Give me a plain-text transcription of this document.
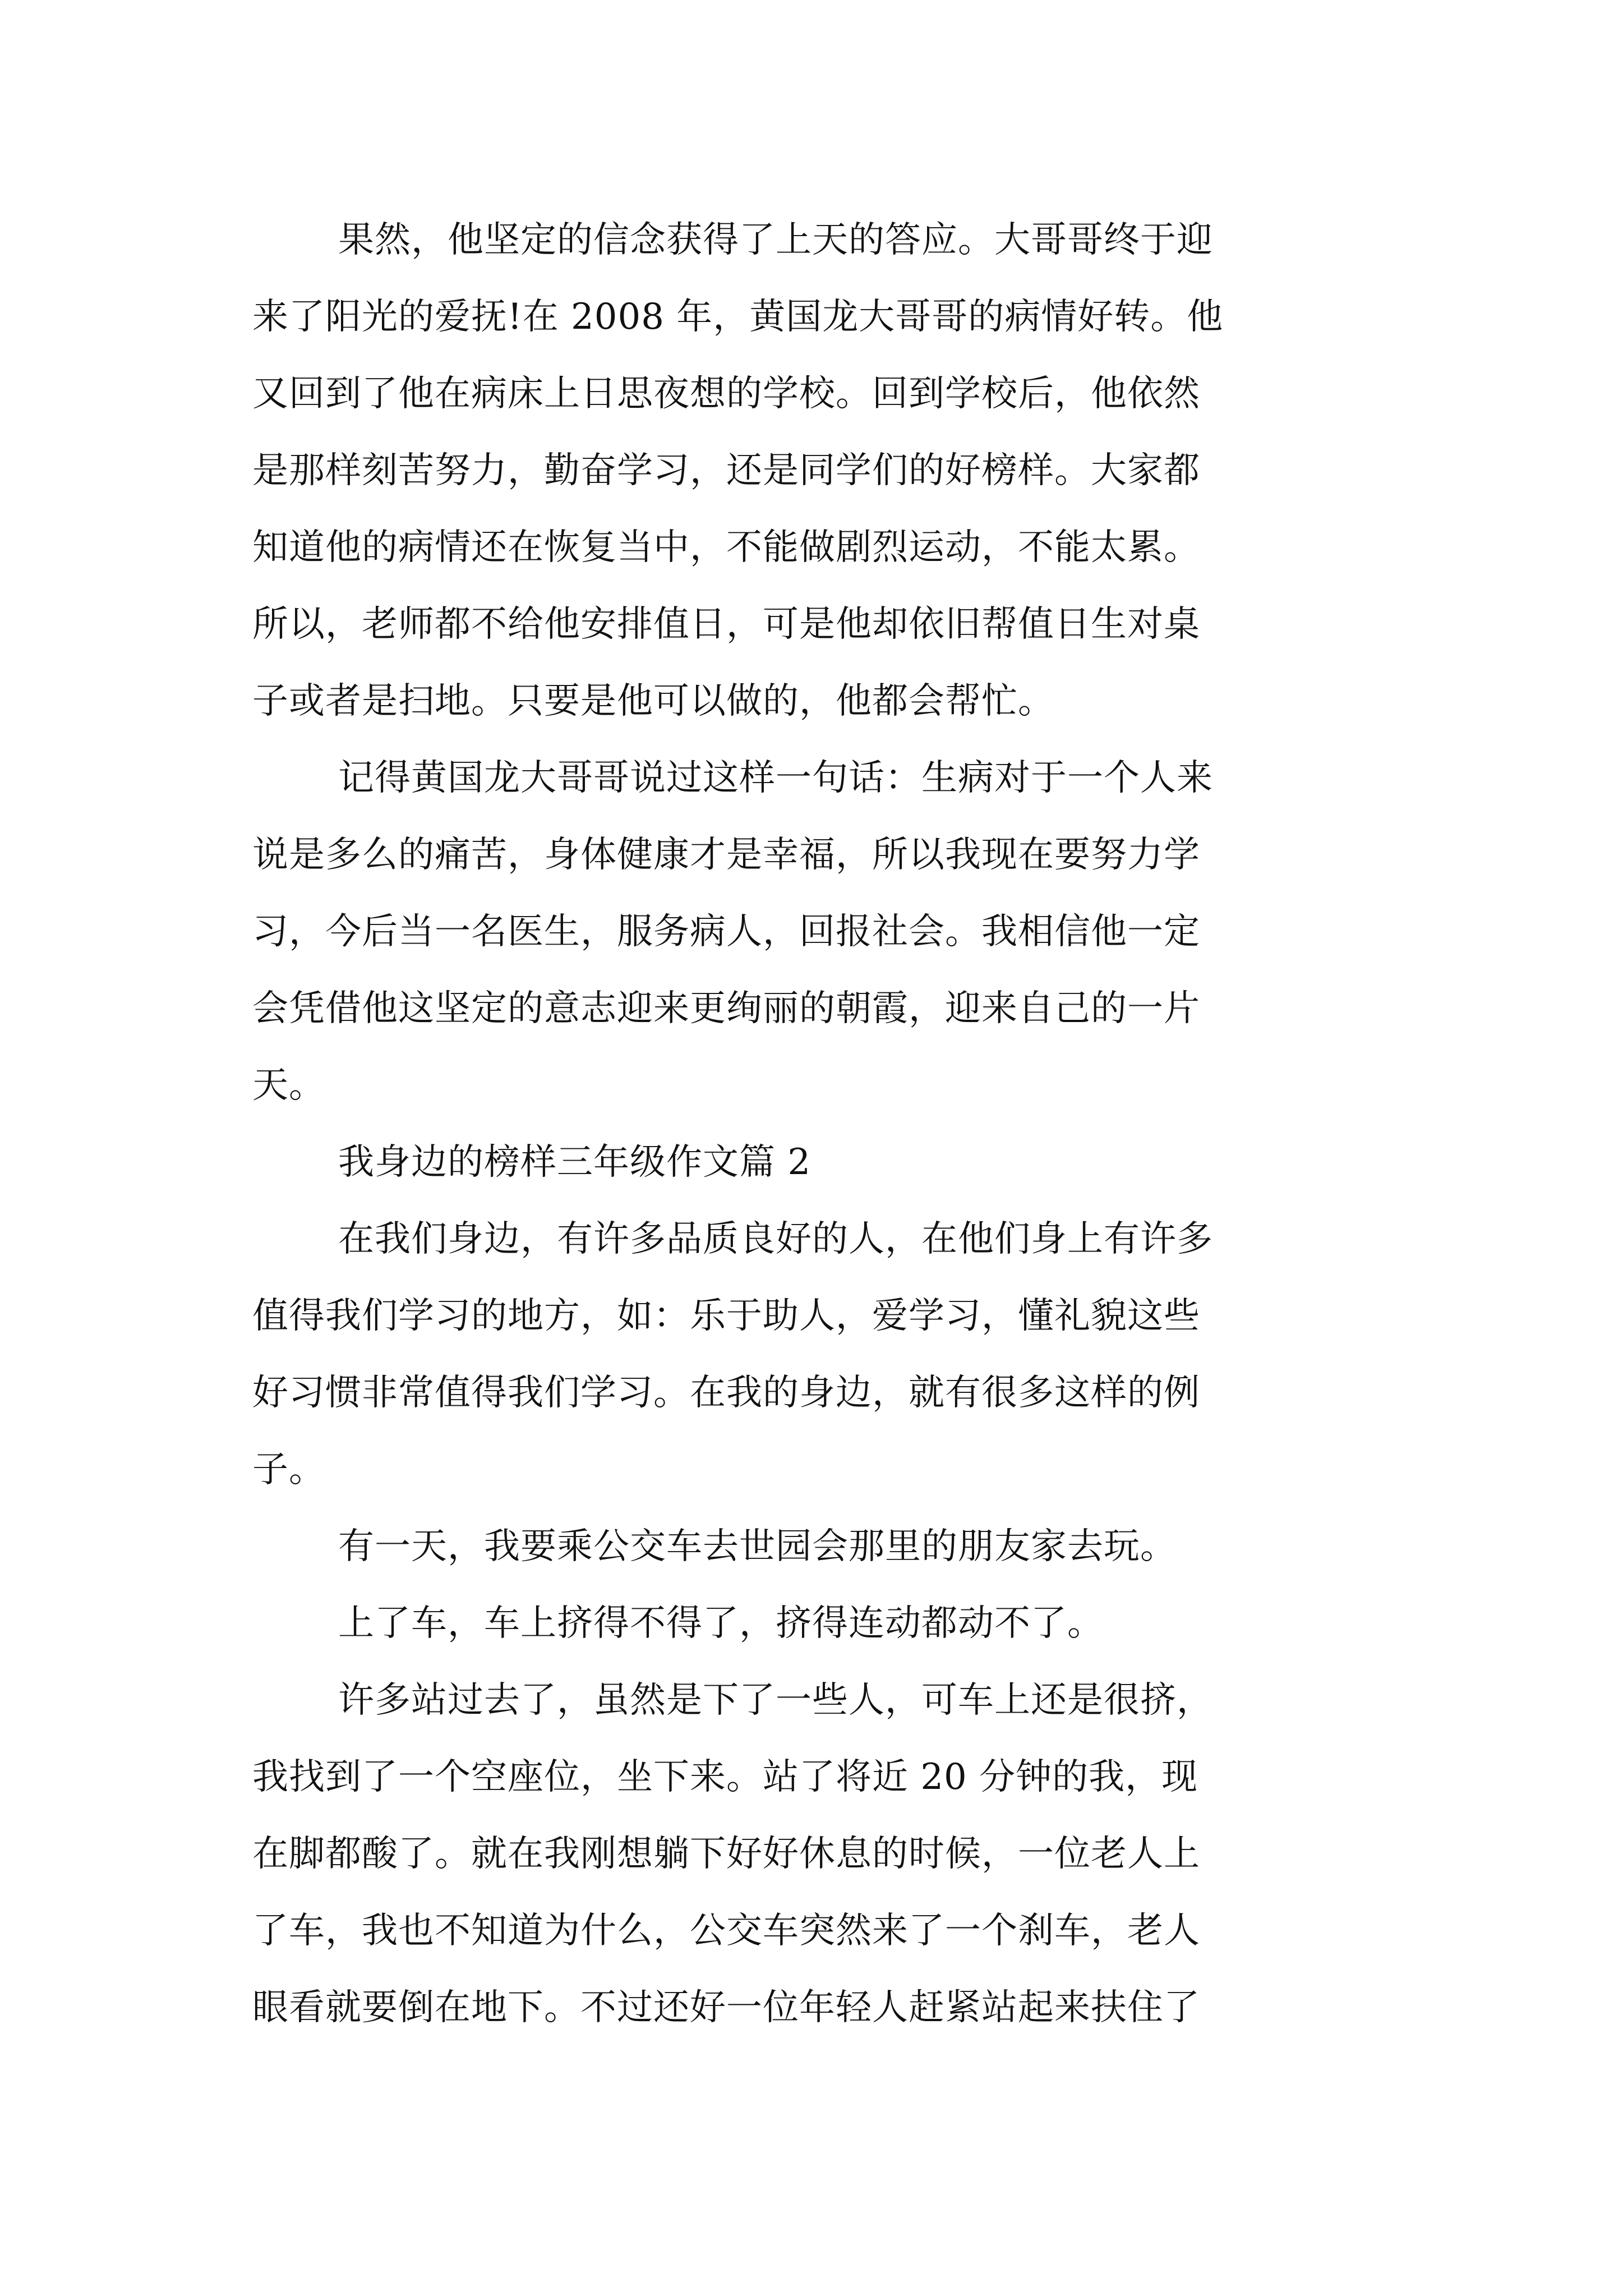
果然，他坚定的信念获得了上天的答应。大哥哥终于迎
来了阳光的爱抚!在 2008 年，黄国龙大哥哥的病情好转。他
又回到了他在病床上日思夜想的学校。回到学校后，他依然
是那样刻苦努力，勤奋学习，还是同学们的好榜样。大家都
知道他的病情还在恢复当中，不能做剧烈运动，不能太累。
所以，老师都不给他安排值日，可是他却依旧帮值日生对桌
子或者是扫地。只要是他可以做的，他都会帮忙。
记得黄国龙大哥哥说过这样一句话：生病对于一个人来
说是多么的痛苦，身体健康才是幸福，所以我现在要努力学
习，今后当一名医生，服务病人，回报社会。我相信他一定
会凭借他这坚定的意志迎来更绚丽的朝霞，迎来自己的一片
天。
我身边的榜样三年级作文篇 2
在我们身边，有许多品质良好的人，在他们身上有许多
值得我们学习的地方，如：乐于助人，爱学习，懂礼貌这些
好习惯非常值得我们学习。在我的身边，就有很多这样的例
子。
有一天，我要乘公交车去世园会那里的朋友家去玩。
上了车，车上挤得不得了，挤得连动都动不了。
许多站过去了，虽然是下了一些人，可车上还是很挤，
我找到了一个空座位，坐下来。站了将近 20 分钟的我，现
在脚都酸了。就在我刚想躺下好好休息的时候，一位老人上
了车，我也不知道为什么，公交车突然来了一个刹车，老人
眼看就要倒在地下。不过还好一位年轻人赶紧站起来扶住了
